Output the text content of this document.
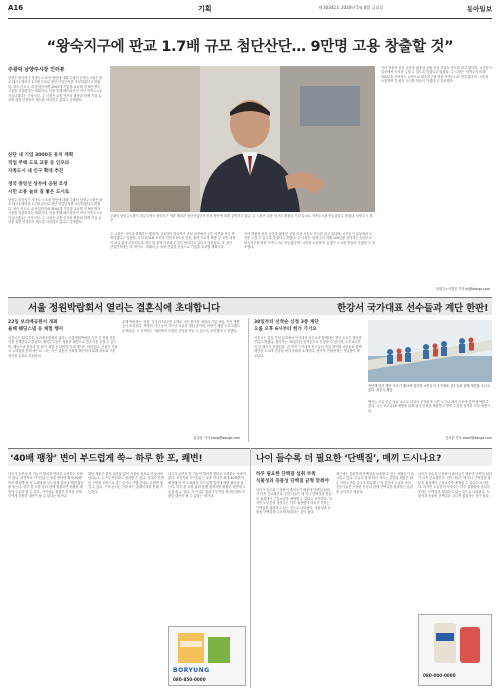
A16	기획	제 30342호 2020년 5월 8일 금요일	동아일보
“왕숙지구에 판교 1.7배 규모 첨단산단… 9만명 고용 창출할 것”
주광덕 남양주시장 인터뷰
남양주 왕숙지구 자족도시 조성 방안에 대해 주광덕 남양주시장은 판교 테크노밸리의 1.7배 규모로 첨단 산업단지를 조성하겠다고 밝혔다. 왕숙 신도시 내 산업단지에 3000개 기업을 유치해 약 9만 명의 고용을 창출한다는 계획이다. 이를 통해 베드타운이 아닌 자족도시로 거듭나겠다는 구상이다. 주 시장은 교통 인프라 확충과 함께 기업 유치를 위한 인센티브 제도를 마련하고 있다고 설명했다.
산단 내 기업 3000곳 유치 계획
직업 주택 도로 교통 등 인프라
자족도시 내 인구 확대 추진
정국 중앙선 상부에 공원 조성
시민 소통 늘려 질 좋은 도시로
남양주 왕숙지구 자족도시 조성 방안에 대해 주광덕 남양주시장은 판교 테크노밸리의 1.7배 규모로 첨단 산업단지를 조성하겠다고 밝혔다. 왕숙 신도시 내 산업단지에 3000개 기업을 유치해 약 9만 명의 고용을 창출한다는 계획이다. 이를 통해 베드타운이 아닌 자족도시로 거듭나겠다는 구상이다. 주 시장은 교통 인프라 확충과 함께 기업 유치를 위한 인센티브 제도를 마련하고 있다고 설명했다.
주광덕 남양주시장이 집무실에서 왕숙지구 개발 계획과 첨단산업단지 조성 방안에 대해 설명하고 있다. 주 시장은 교통 인프라 확충과 기업 유치로 자족도시를 만들겠다고 밝혔다. 남양주시 제공
이어 경춘선 상부 공간을 활용한 공원 조성 사업도 속도를 내고 있다며, 시민들이 일상에서 녹지를 누릴 수 있도록 하겠다고 밝혔다. 주 시장은 '남양주의 미래 100년을 준비하는 심정으로 왕숙지구를 명품 자족도시로 만들겠다'며 '시민과 소통하며 질 좋은 도시를 만들어 가겠다'고 강조했다.
주 시장은 '시민과 함께하는 행정'을 강조하며 왕숙지구 조성 과정에서 주민 의견을 적극 반영하겠다고 말했다. 특히 GTX-B 노선과 지하철 9호선 연장, 광역 도로망 확충 등 교통 대책이 차질 없이 추진되도록 정부 및 관계 기관과 긴밀히 협력하고 있다고 덧붙였다. 또 첨단 산업단지에는 IT, 바이오, 미래차 등 성장 산업을 중심으로 기업을 유치할 계획이다.
이어 경춘선 상부 공간을 활용한 공원 조성 사업도 속도를 내고 있다며, 시민들이 일상에서 녹지를 누릴 수 있도록 하겠다고 밝혔다. 주 시장은 '남양주의 미래 100년을 준비하는 심정으로 왕숙지구를 명품 자족도시로 만들겠다'며 '시민과 소통하며 질 좋은 도시를 만들어 가겠다'고 강조했다.
남양주=이경진 기자 lkj@donga.com
서울 정원박람회서 열리는 결혼식에 초대합니다	한강서 국가대표 선수들과 계단 한판!
22일 보라매공원서 개최
올해 웨딩스냅 등 체험 행사
서울시는 22일부터 보라매공원에서 열리는 서울정원박람회 기간 중 정원 결혼식을 진행한다고 밝혔다. 예비부부들은 정원을 배경으로 결혼식을 올릴 수 있으며, 웨딩스냅 촬영과 꽃 장식 체험 등 다양한 부대 행사도 마련된다. 신청은 서울시 누리집을 통해 받는다. 시는 작은 결혼식 문화를 확산하기 위해 장소와 기본 장식을 무료로 지원한다.
올해 박람회는 '정원, 일상이 되다'를 주제로 시민 참여형 정원과 기업 정원, 작가 정원 등이 조성된다. 박람회 기간 동안 가드닝 교실과 정원 음악회, 어린이 체험 프로그램도 운영된다. 시 관계자는 '정원에서 특별한 추억을 만들 수 있도록 준비했다'고 말했다.
홍길동 기자 hong@donga.com
30일부터 선착순 신청 3종 계단
오를 오후 6시부터 헌가 가기요
서울시는 한강 뚝섬 일대에서 국가대표 선수들과 함께하는 계단 오르기 행사를 연다고 밝혔다. 참가자는 30일부터 선착순으로 신청할 수 있으며, 오후 6시부터 본 행사가 진행된다. 전·현직 국가대표 선수들이 직접 참여해 시민들과 함께 계단을 오르며 건강한 여가 문화를 소개한다. 참가자 전원에게는 기념품이 제공된다.
지난해 한강 계단 오르기 행사에 참가한 시민들이 국가대표 선수들과 함께 계단을 오르고 있다. 서울시 제공
행사는 초급·중급·상급 코스로 나뉘어 운영되며 시민 누구나 체력 수준에 맞게 참여할 수 있다. 시는 코로나19 예방을 위해 참가 인원을 제한하고 방역 수칙을 철저히 지킬 예정이다.
김서울 기자 seoul@donga.com
‘40배 팽창’ 변이 부드럽게 쑥~ 하루 한 포, 쾌변!	나이 들수록 더 필요한 ‘단백질’, 매끼 드시나요?
나이가 들면서 장 기능이 떨어져 변비로 고생하는 사람이 많다. 차전자피 식이섬유는 물을 만나면 최대 40배까지 팽창해 장 속 노폐물을 부드럽게 밀어내 배변 활동을 돕는다. 하루 한 포를 물과 함께 섭취하면 원활한 배변에 도움을 줄 수 있다. 식이섬유 섭취가 부족한 현대인에게 간편한 대안이 될 수 있다는 평가다.
해당 제품은 합성 첨가물 없이 식물성 원료로 만들어져 남녀노소 누구나 안심하고 섭취할 수 있다. 휴대가 간편한 스틱형 포장으로 출근길이나 여행 중에도 손쉽게 챙길 수 있다. 구매 문의는 전화 또는 홈페이지를 통해 가능하다.
나이가 들면서 장 기능이 떨어져 변비로 고생하는 사람이 많다. 차전자피 식이섬유는 물을 만나면 최대 40배까지 팽창해 장 속 노폐물을 부드럽게 밀어내 배변 활동을 돕는다. 하루 한 포를 물과 함께 섭취하면 원활한 배변에 도움을 줄 수 있다. 식이섬유 섭취가 부족한 현대인에게 간편한 대안이 될 수 있다는 평가다.
BORYUNG
080-850-0000
하루 필요한 단백질 섭취 부족
식물성과 동물성 단백질 균형 맞춰야
나이가 들수록 근육량이 줄어들기 때문에 단백질 섭취가 더욱 중요해진다. 전문가들은 매 끼니 단백질을 충분히 섭취해야 근감소증을 예방할 수 있다고 조언한다. 하지만 노년층의 상당수는 하루 권장량에 미치지 못하는 단백질을 섭취하고 있는 것으로 나타났다. 식물성과 동물성 단백질을 고르게 섭취하는 것이 좋다.
최근에는 간편하게 단백질을 보충할 수 있는 제품들이 출시되고 있다. 우유나 물에 타서 마시는 분말형 제품은 필수 아미노산을 골고루 함유해 근육 건강에 도움을 준다. 전문가들은 꾸준한 운동과 함께 단백질을 섭취하는 습관을 들이라고 권한다.
나이가 들수록 근육량이 줄어들기 때문에 단백질 섭취가 더욱 중요해진다. 전문가들은 매 끼니 단백질을 충분히 섭취해야 근감소증을 예방할 수 있다고 조언한다. 하지만 노년층의 상당수는 하루 권장량에 미치지 못하는 단백질을 섭취하고 있는 것으로 나타났다. 식물성과 동물성 단백질을 고르게 섭취하는 것이 좋다.
080-000-0000
